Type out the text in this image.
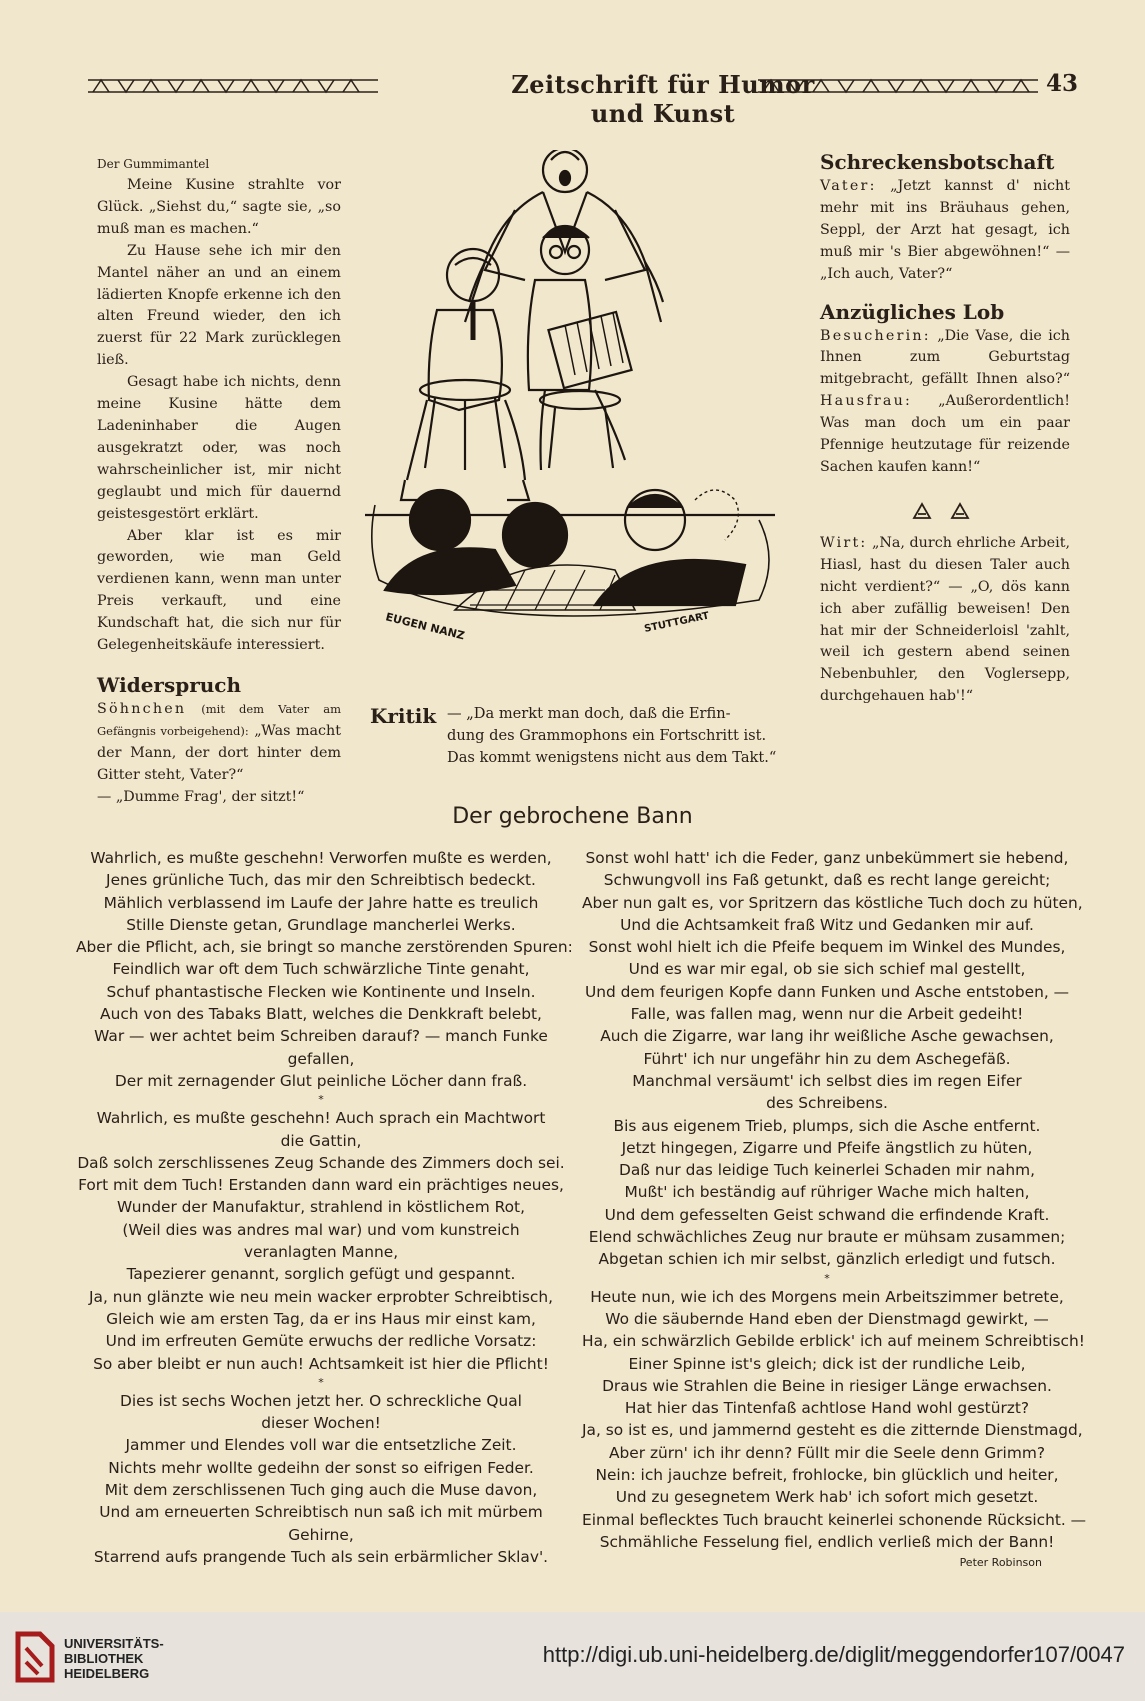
Zeitschrift für Humor und Kunst
43
Der Gummimantel

Meine Kusine strahlte vor Glück. „Siehst du,“ sagte sie, „so muß man es machen.“

Zu Hause sehe ich mir den Mantel näher an und an einem lädierten Knopfe erkenne ich den alten Freund wieder, den ich zuerst für 22 Mark zurücklegen ließ.

Gesagt habe ich nichts, denn meine Kusine hätte dem Ladeninhaber die Augen ausgekratzt oder, was noch wahrscheinlicher ist, mir nicht geglaubt und mich für dauernd geistesgestört erklärt.

Aber klar ist es mir geworden, wie man Geld verdienen kann, wenn man unter Preis verkauft, und eine Kundschaft hat, die sich nur für Gelegenheitskäufe interessiert.

Widerspruch
Söhnchen (mit dem Vater am Gefängnis vorbeigehend): „Was macht der Mann, der dort hinter dem Gitter steht, Vater?“
— „Dumme Frag', der sitzt!“
EUGEN NANZ	STUTTGART
Kritik — „Da merkt man doch, daß die Erfin-
dung des Grammophons ein Fortschritt ist.
Das kommt wenigstens nicht aus dem Takt.“
Schreckensbotschaft
Vater: „Jetzt kannst d' nicht mehr mit ins Bräuhaus gehen, Seppl, der Arzt hat gesagt, ich muß mir 's Bier abgewöhnen!“ — „Ich auch, Vater?“
Anzügliches Lob
Besucherin: „Die Vase, die ich Ihnen zum Geburtstag mitgebracht, gefällt Ihnen also?“ Hausfrau: „Außerordentlich! Was man doch um ein paar Pfennige heutzutage für reizende Sachen kaufen kann!“
Wirt: „Na, durch ehrliche Arbeit, Hiasl, hast du diesen Taler auch nicht verdient?“ — „O, dös kann ich aber zufällig beweisen! Den hat mir der Schneiderloisl 'zahlt, weil ich gestern abend seinen Nebenbuhler, den Voglersepp, durchgehauen hab'!“
Der gebrochene Bann
Wahrlich, es mußte geschehn! Verworfen mußte es werden,
Jenes grünliche Tuch, das mir den Schreibtisch bedeckt.
Mählich verblassend im Laufe der Jahre hatte es treulich
Stille Dienste getan, Grundlage mancherlei Werks.
Aber die Pflicht, ach, sie bringt so manche zerstörenden Spuren:
Feindlich war oft dem Tuch schwärzliche Tinte genaht,
Schuf phantastische Flecken wie Kontinente und Inseln.
Auch von des Tabaks Blatt, welches die Denkkraft belebt,
War — wer achtet beim Schreiben darauf? — manch Funke
gefallen,
Der mit zernagender Glut peinliche Löcher dann fraß.
*
Wahrlich, es mußte geschehn! Auch sprach ein Machtwort
die Gattin,
Daß solch zerschlissenes Zeug Schande des Zimmers doch sei.
Fort mit dem Tuch! Erstanden dann ward ein prächtiges neues,
Wunder der Manufaktur, strahlend in köstlichem Rot,
(Weil dies was andres mal war) und vom kunstreich
veranlagten Manne,
Tapezierer genannt, sorglich gefügt und gespannt.
Ja, nun glänzte wie neu mein wacker erprobter Schreibtisch,
Gleich wie am ersten Tag, da er ins Haus mir einst kam,
Und im erfreuten Gemüte erwuchs der redliche Vorsatz:
So aber bleibt er nun auch! Achtsamkeit ist hier die Pflicht!
*
Dies ist sechs Wochen jetzt her. O schreckliche Qual
dieser Wochen!
Jammer und Elendes voll war die entsetzliche Zeit.
Nichts mehr wollte gedeihn der sonst so eifrigen Feder.
Mit dem zerschlissenen Tuch ging auch die Muse davon,
Und am erneuerten Schreibtisch nun saß ich mit mürbem
Gehirne,
Starrend aufs prangende Tuch als sein erbärmlicher Sklav'.
Sonst wohl hatt' ich die Feder, ganz unbekümmert sie hebend,
Schwungvoll ins Faß getunkt, daß es recht lange gereicht;
Aber nun galt es, vor Spritzern das köstliche Tuch doch zu hüten,
Und die Achtsamkeit fraß Witz und Gedanken mir auf.
Sonst wohl hielt ich die Pfeife bequem im Winkel des Mundes,
Und es war mir egal, ob sie sich schief mal gestellt,
Und dem feurigen Kopfe dann Funken und Asche entstoben, —
Falle, was fallen mag, wenn nur die Arbeit gedeiht!
Auch die Zigarre, war lang ihr weißliche Asche gewachsen,
Führt' ich nur ungefähr hin zu dem Aschegefäß.
Manchmal versäumt' ich selbst dies im regen Eifer
des Schreibens.
Bis aus eigenem Trieb, plumps, sich die Asche entfernt.
Jetzt hingegen, Zigarre und Pfeife ängstlich zu hüten,
Daß nur das leidige Tuch keinerlei Schaden mir nahm,
Mußt' ich beständig auf rühriger Wache mich halten,
Und dem gefesselten Geist schwand die erfindende Kraft.
Elend schwächliches Zeug nur braute er mühsam zusammen;
Abgetan schien ich mir selbst, gänzlich erledigt und futsch.
*
Heute nun, wie ich des Morgens mein Arbeitszimmer betrete,
Wo die säubernde Hand eben der Dienstmagd gewirkt, —
Ha, ein schwärzlich Gebilde erblick' ich auf meinem Schreibtisch!
Einer Spinne ist's gleich; dick ist der rundliche Leib,
Draus wie Strahlen die Beine in riesiger Länge erwachsen.
Hat hier das Tintenfaß achtlose Hand wohl gestürzt?
Ja, so ist es, und jammernd gesteht es die zitternde Dienstmagd,
Aber zürn' ich ihr denn? Füllt mir die Seele denn Grimm?
Nein: ich jauchze befreit, frohlocke, bin glücklich und heiter,
Und zu gesegnetem Werk hab' ich sofort mich gesetzt.
Einmal beflecktes Tuch braucht keinerlei schonende Rücksicht. —
Schmähliche Fesselung fiel, endlich verließ mich der Bann!
Peter Robinson
UNIVERSITÄTS-
BIBLIOTHEK
HEIDELBERG
http://digi.ub.uni-heidelberg.de/diglit/meggendorfer107/0047
